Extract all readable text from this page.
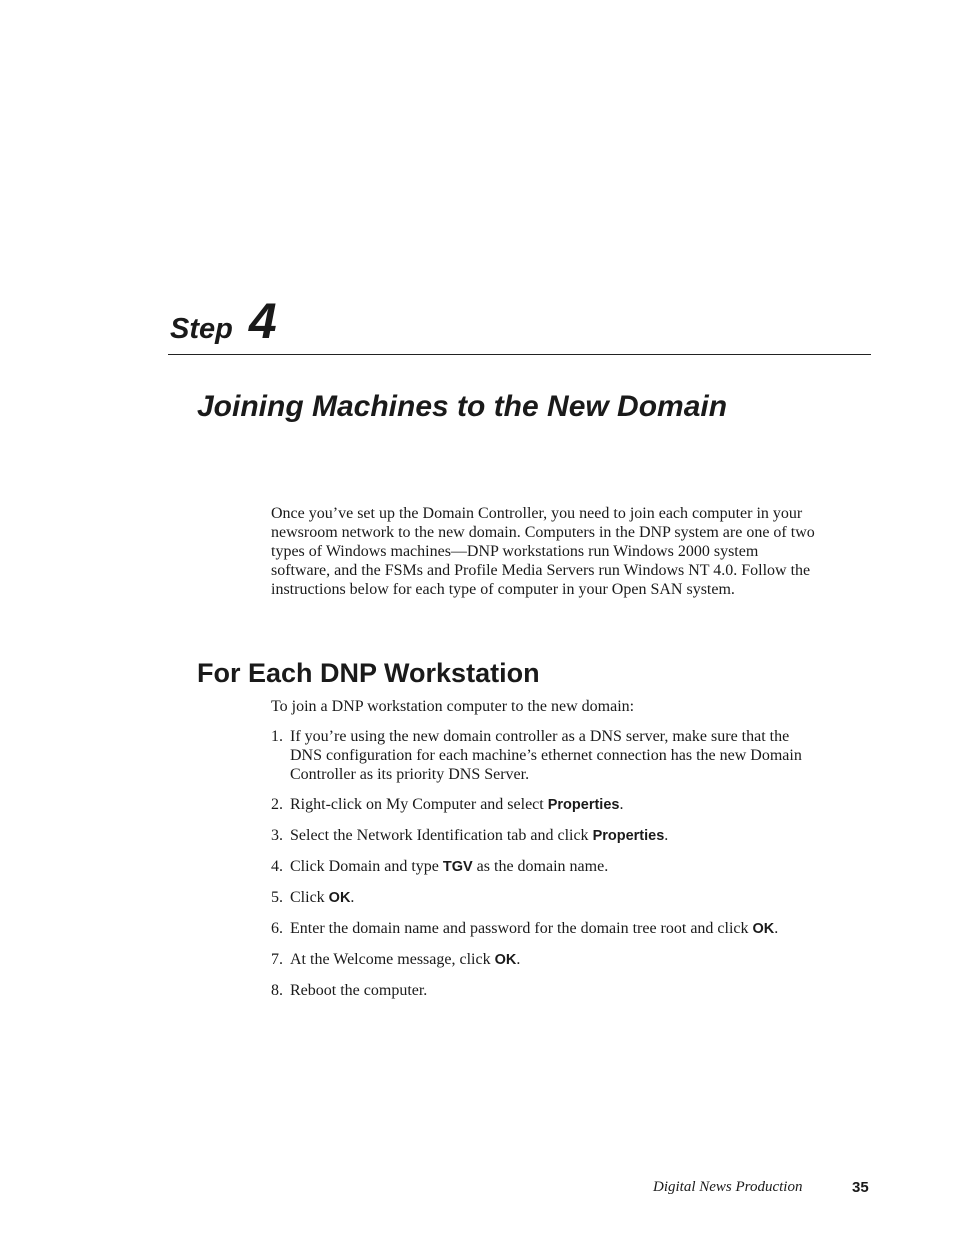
Step 4
Joining Machines to the New Domain

Once you’ve set up the Domain Controller, you need to join each computer in your newsroom network to the new domain. Computers in the DNP system are one of two types of Windows machines—DNP workstations run Windows 2000 system software, and the FSMs and Profile Media Servers run Windows NT 4.0. Follow the instructions below for each type of computer in your Open SAN system.

For Each DNP Workstation

To join a DNP workstation computer to the new domain:

1. If you’re using the new domain controller as a DNS server, make sure that the DNS configuration for each machine’s ethernet connection has the new Domain Controller as its priority DNS Server.
2. Right-click on My Computer and select Properties.
3. Select the Network Identification tab and click Properties.
4. Click Domain and type TGV as the domain name.
5. Click OK.
6. Enter the domain name and password for the domain tree root and click OK.
7. At the Welcome message, click OK.
8. Reboot the computer.
Digital News Production	35
